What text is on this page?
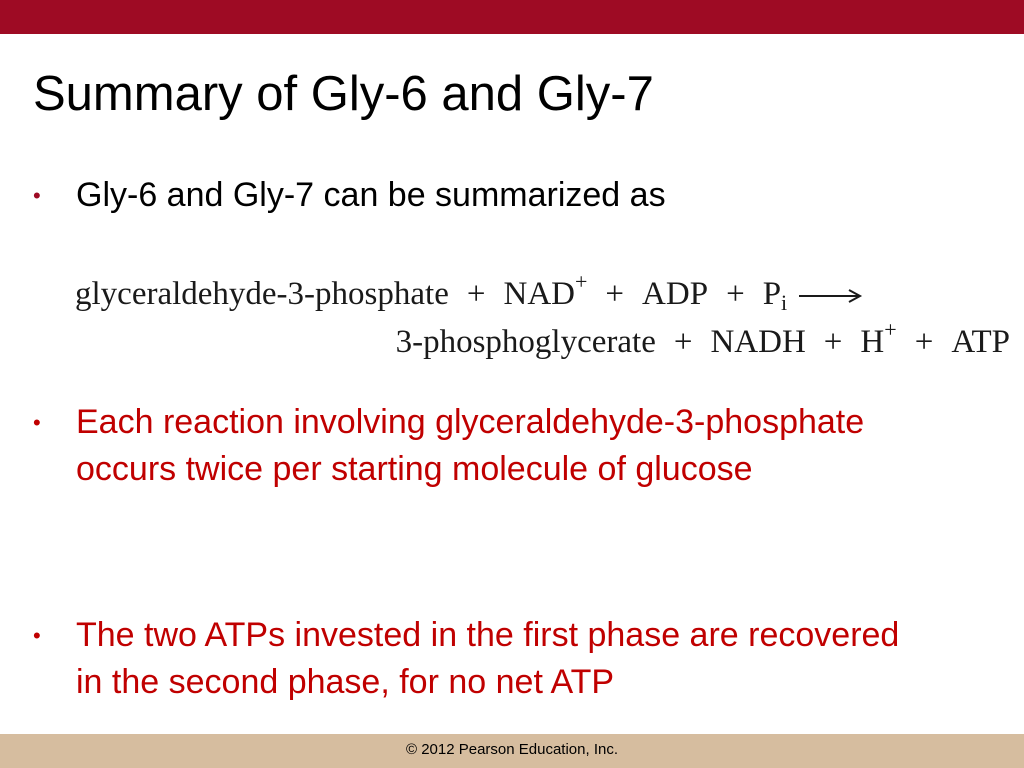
Summary of Gly-6 and Gly-7
• Gly-6 and Gly-7 can be summarized as
glyceraldehyde-3-phosphate + NAD+ + ADP + $P_i$
3-phosphoglycerate + NADH + H+ + ATP
• Each reaction involving glyceraldehyde-3-phosphate occurs twice per starting molecule of glucose
• The two ATPs invested in the first phase are recovered in the second phase, for no net ATP
© 2012 Pearson Education, Inc.
